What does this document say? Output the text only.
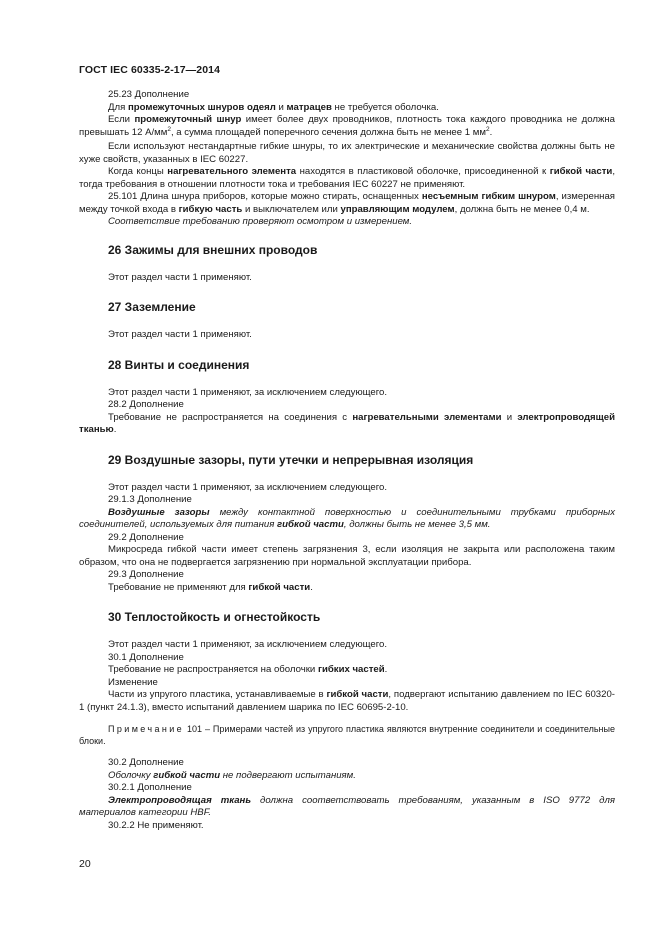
ГОСТ IEC 60335-2-17—2014

25.23 Дополнение

Для промежуточных шнуров одеял и матрацев не требуется оболочка.

Если промежуточный шнур имеет более двух проводников, плотность тока каждого проводника не должна превышать 12 $А/мм^2$, а сумма площадей поперечного сечения должна быть не менее 1 $мм^2$.

Если используют нестандартные гибкие шнуры, то их электрические и механические свойства должны быть не хуже свойств, указанных в IEC 60227.

Когда концы нагревательного элемента находятся в пластиковой оболочке, присоединенной к гибкой части, тогда требования в отношении плотности тока и требования IEC 60227 не применяют.

25.101 Длина шнура приборов, которые можно стирать, оснащенных несъемным гибким шнуром, измеренная между точкой входа в гибкую часть и выключателем или управляющим модулем, должна быть не менее 0,4 м.

Соответствие требованию проверяют осмотром и измерением.

26 Зажимы для внешних проводов

Этот раздел части 1 применяют.

27 Заземление

Этот раздел части 1 применяют.

28 Винты и соединения

Этот раздел части 1 применяют, за исключением следующего.

28.2 Дополнение

Требование не распространяется на соединения с нагревательными элементами и электропроводящей тканью.

29 Воздушные зазоры, пути утечки и непрерывная изоляция

Этот раздел части 1 применяют, за исключением следующего.

29.1.3 Дополнение

Воздушные зазоры между контактной поверхностью и соединительными трубками приборных соединителей, используемых для питания гибкой части, должны быть не менее 3,5 мм.

29.2 Дополнение

Микросреда гибкой части имеет степень загрязнения 3, если изоляция не закрыта или расположена таким образом, что она не подвергается загрязнению при нормальной эксплуатации прибора.

29.3 Дополнение

Требование не применяют для гибкой части.

30 Теплостойкость и огнестойкость

Этот раздел части 1 применяют, за исключением следующего.

30.1 Дополнение

Требование не распространяется на оболочки гибких частей.

Изменение

Части из упругого пластика, устанавливаемые в гибкой части, подвергают испытанию давлением по IEC 60320-1 (пункт 24.1.3), вместо испытаний давлением шарика по IEC 60695-2-10.

Примечание 101 – Примерами частей из упругого пластика являются внутренние соединители и соединительные блоки.

30.2 Дополнение

Оболочку гибкой части не подвергают испытаниям.

30.2.1 Дополнение

Электропроводящая ткань должна соответствовать требованиям, указанным в ISO 9772 для материалов категории HBF.

30.2.2 Не применяют.

20
